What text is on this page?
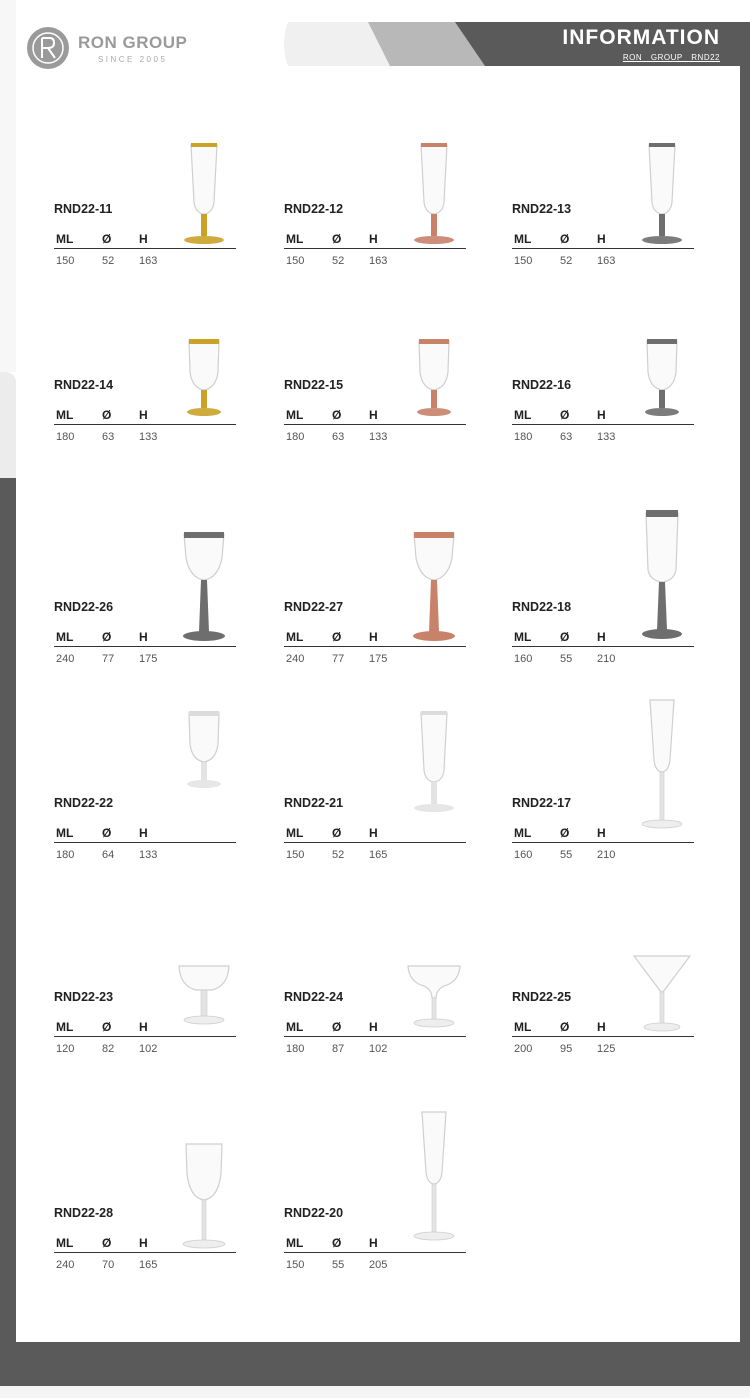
RON GROUP
SINCE 2005
INFORMATION
RON GROUP RND22
RND22-11
ML Ø H
150	52 163
RND22-12
ML Ø H
150	52 163
RND22-13
ML Ø H
150	52 163
RND22-14
ML Ø H
180	63 133
RND22-15
ML Ø H
180	63 133
RND22-16
ML Ø H
180	63 133
RND22-26
ML Ø H
240	77 175
RND22-27
ML Ø H
240	77 175
RND22-18
ML Ø H
160	55 210
RND22-22
ML Ø H
180	64 133
RND22-21
ML Ø H
150	52 165
RND22-17
ML Ø H
160	55 210
RND22-23
ML Ø H
120	82 102
RND22-24
ML Ø H
180	87 102
RND22-25
ML Ø H
200	95 125
RND22-28
ML Ø H
240	70 165
RND22-20
ML Ø H
150	55 205
